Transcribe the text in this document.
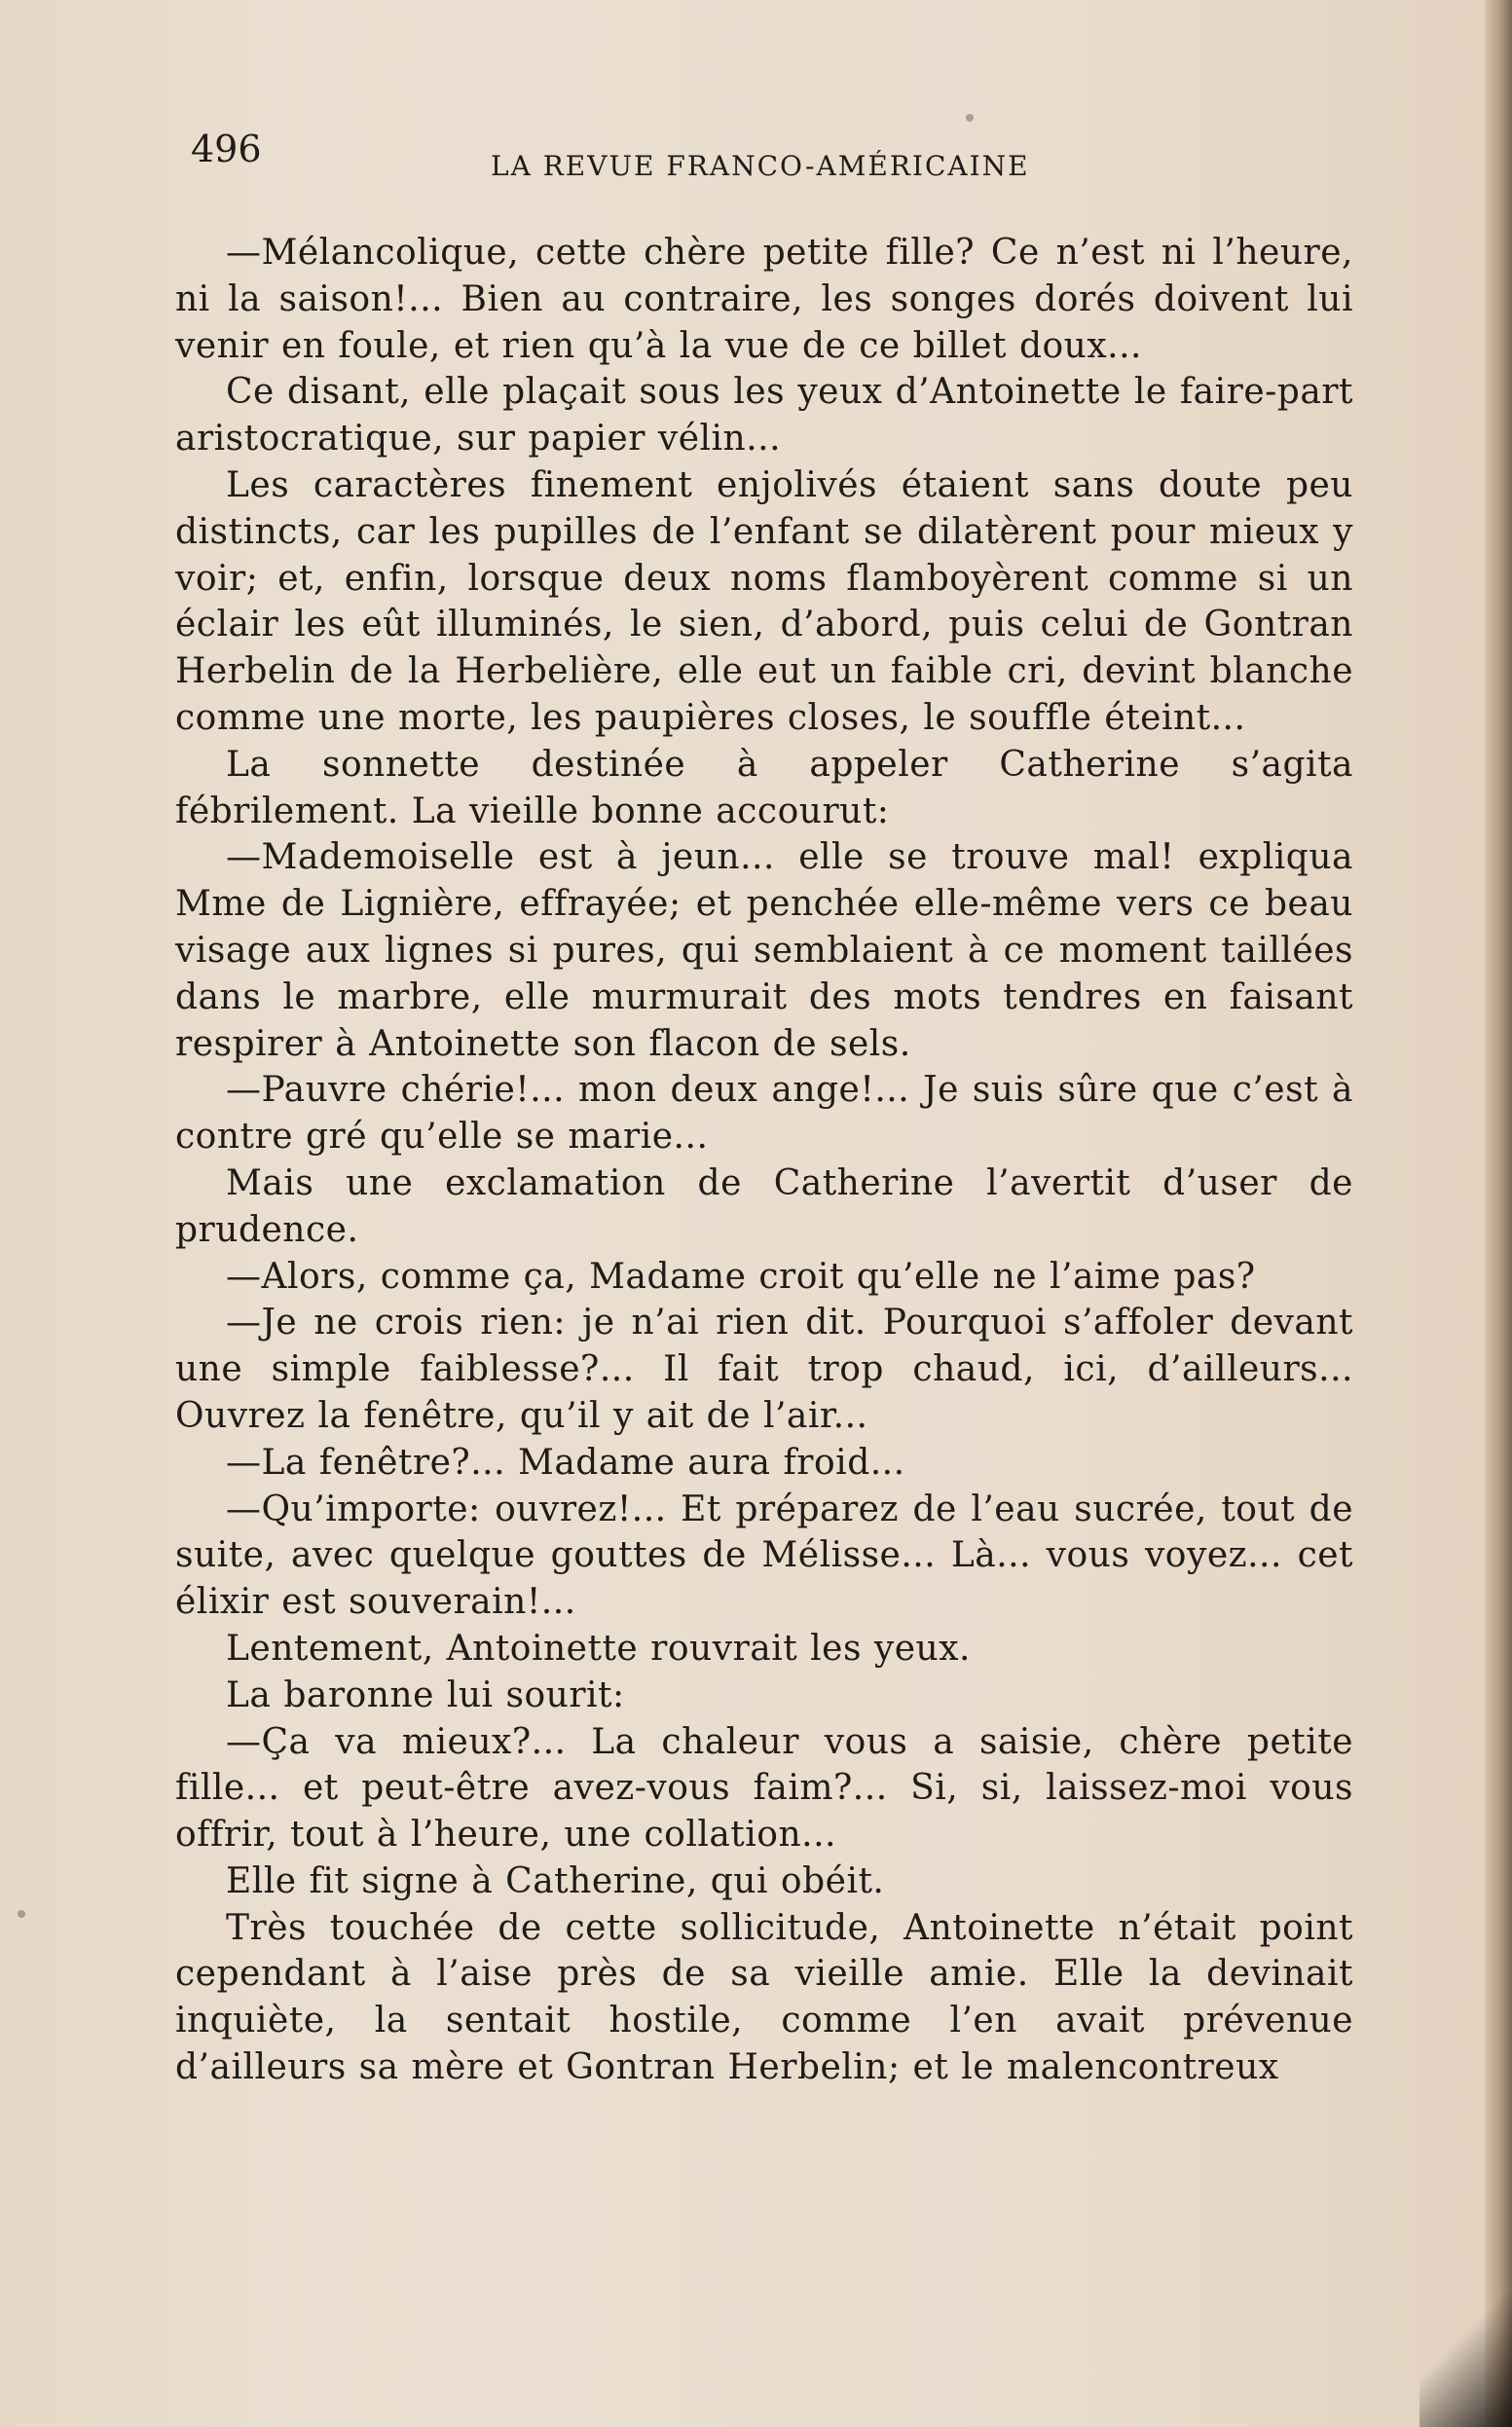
496	LA REVUE FRANCO-AMÉRICAINE

—Mélancolique, cette chère petite fille? Ce n’est ni l’heure, ni la saison!... Bien au contraire, les songes dorés doivent lui venir en foule, et rien qu’à la vue de ce billet doux...

Ce disant, elle plaçait sous les yeux d’Antoinette le faire-part aristocratique, sur papier vélin...

Les caractères finement enjolivés étaient sans doute peu distincts, car les pupilles de l’enfant se dilatèrent pour mieux y voir; et, enfin, lorsque deux noms flamboyèrent comme si un éclair les eût illuminés, le sien, d’abord, puis celui de Gontran Herbelin de la Herbelière, elle eut un faible cri, devint blanche comme une morte, les paupières closes, le souffle éteint...

La sonnette destinée à appeler Catherine s’agita fébrilement. La vieille bonne accourut:

—Mademoiselle est à jeun... elle se trouve mal! expliqua Mme de Lignière, effrayée; et penchée elle-même vers ce beau visage aux lignes si pures, qui semblaient à ce moment taillées dans le marbre, elle murmurait des mots tendres en faisant respirer à Antoinette son flacon de sels.

—Pauvre chérie!... mon deux ange!... Je suis sûre que c’est à contre gré qu’elle se marie...

Mais une exclamation de Catherine l’avertit d’user de prudence.

—Alors, comme ça, Madame croit qu’elle ne l’aime pas?

—Je ne crois rien: je n’ai rien dit. Pourquoi s’affoler devant une simple faiblesse?... Il fait trop chaud, ici, d’ailleurs... Ouvrez la fenêtre, qu’il y ait de l’air...

—La fenêtre?... Madame aura froid...

—Qu’importe: ouvrez!... Et préparez de l’eau sucrée, tout de suite, avec quelque gouttes de Mélisse... Là... vous voyez... cet élixir est souverain!...

Lentement, Antoinette rouvrait les yeux.

La baronne lui sourit:

—Ça va mieux?... La chaleur vous a saisie, chère petite fille... et peut-être avez-vous faim?... Si, si, laissez-moi vous offrir, tout à l’heure, une collation...

Elle fit signe à Catherine, qui obéit.

Très touchée de cette sollicitude, Antoinette n’était point cependant à l’aise près de sa vieille amie. Elle la devinait inquiète, la sentait hostile, comme l’en avait prévenue d’ailleurs sa mère et Gontran Herbelin; et le malencontreux
